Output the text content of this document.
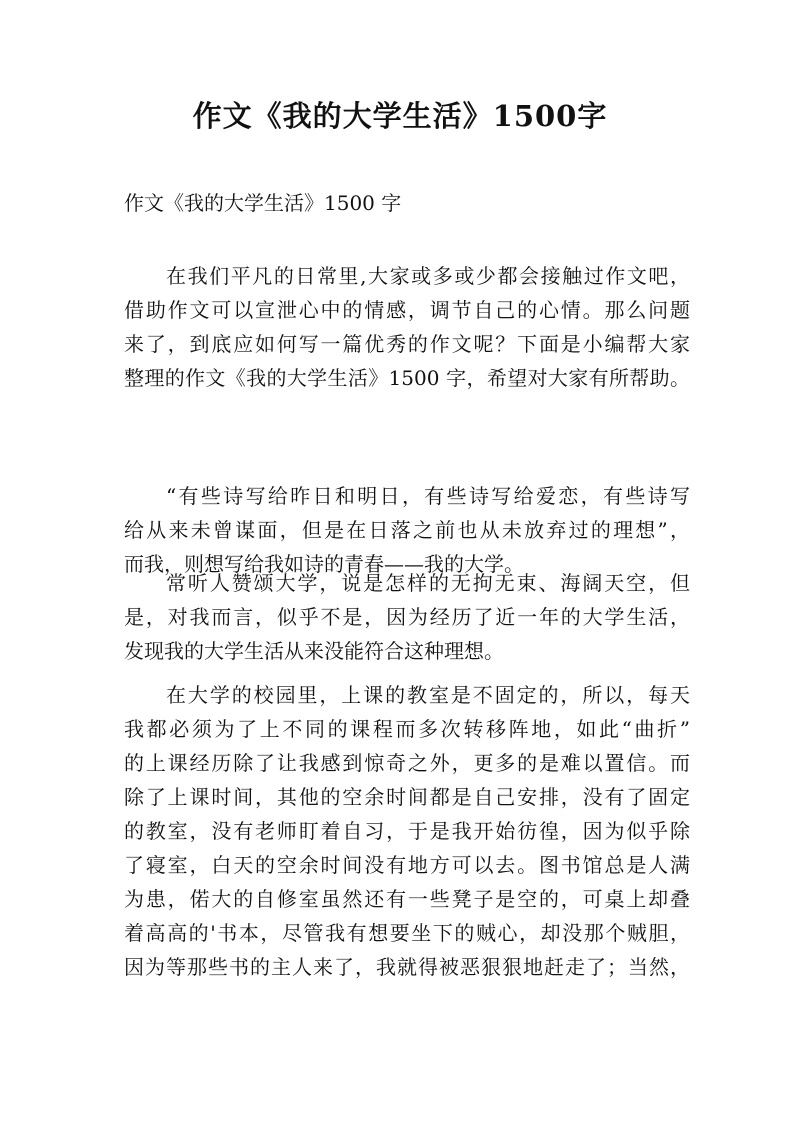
作文《我的大学生活》1500字

作文《我的大学生活》1500 字

在我们平凡的日常里,大家或多或少都会接触过作文吧，
借助作文可以宣泄心中的情感，调节自己的心情。那么问题
来了，到底应如何写一篇优秀的作文呢？下面是小编帮大家
整理的作文《我的大学生活》1500 字，希望对大家有所帮助。
“有些诗写给昨日和明日，有些诗写给爱恋，有些诗写
给从来未曾谋面，但是在日落之前也从未放弃过的理想”，
而我，则想写给我如诗的青春——我的大学。
常听人赞颂大学，说是怎样的无拘无束、海阔天空，但
是，对我而言，似乎不是，因为经历了近一年的大学生活，
发现我的大学生活从来没能符合这种理想。
在大学的校园里，上课的教室是不固定的，所以，每天
我都必须为了上不同的课程而多次转移阵地，如此“曲折”
的上课经历除了让我感到惊奇之外，更多的是难以置信。而
除了上课时间，其他的空余时间都是自己安排，没有了固定
的教室，没有老师盯着自习，于是我开始彷徨，因为似乎除
了寝室，白天的空余时间没有地方可以去。图书馆总是人满
为患，偌大的自修室虽然还有一些凳子是空的，可桌上却叠
着高高的'书本，尽管我有想要坐下的贼心，却没那个贼胆，
因为等那些书的主人来了，我就得被恶狠狠地赶走了；当然，
